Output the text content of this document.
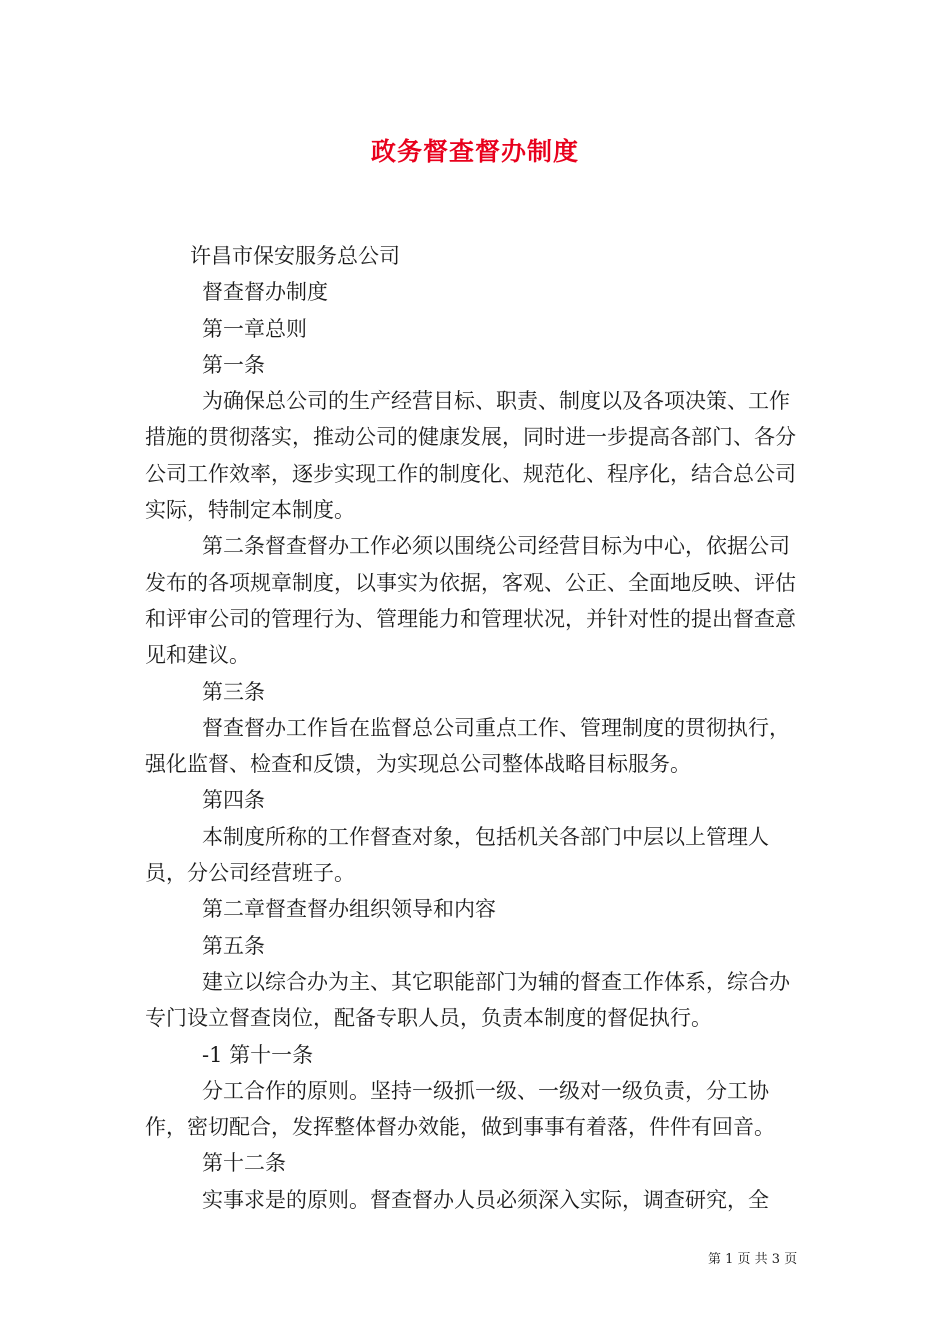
政务督查督办制度

许昌市保安服务总公司

督查督办制度

第一章总则

第一条

为确保总公司的生产经营目标、职责、制度以及各项决策、工作措施的贯彻落实，推动公司的健康发展，同时进一步提高各部门、各分公司工作效率，逐步实现工作的制度化、规范化、程序化，结合总公司实际，特制定本制度。

第二条督查督办工作必须以围绕公司经营目标为中心，依据公司发布的各项规章制度，以事实为依据，客观、公正、全面地反映、评估和评审公司的管理行为、管理能力和管理状况，并针对性的提出督查意见和建议。

第三条

督查督办工作旨在监督总公司重点工作、管理制度的贯彻执行，强化监督、检查和反馈，为实现总公司整体战略目标服务。

第四条

本制度所称的工作督查对象，包括机关各部门中层以上管理人员，分公司经营班子。

第二章督查督办组织领导和内容

第五条

建立以综合办为主、其它职能部门为辅的督查工作体系，综合办专门设立督查岗位，配备专职人员，负责本制度的督促执行。

-1 第十一条

分工合作的原则。坚持一级抓一级、一级对一级负责，分工协作，密切配合，发挥整体督办效能，做到事事有着落，件件有回音。

第十二条

实事求是的原则。督查督办人员必须深入实际，调查研究，全

第 1 页 共 3 页
